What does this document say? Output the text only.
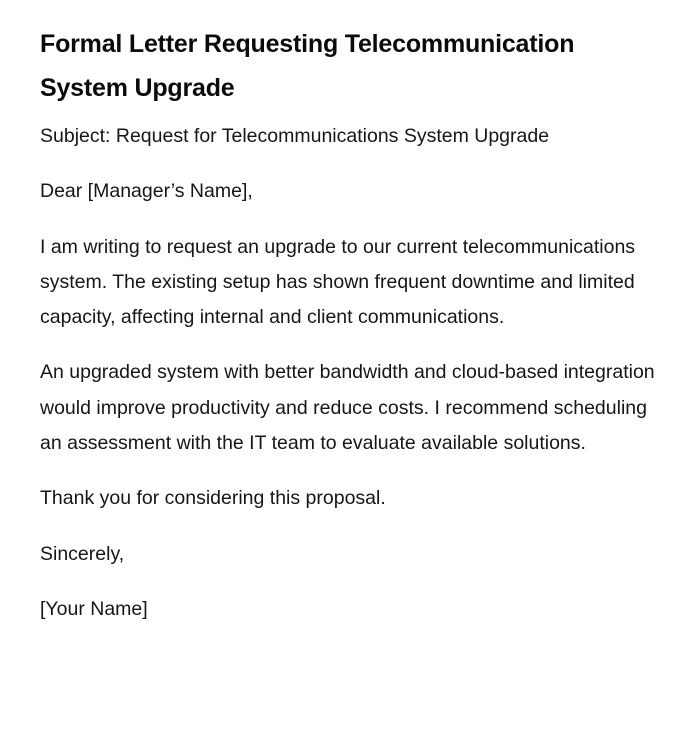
Formal Letter Requesting Telecommunication System Upgrade

Subject: Request for Telecommunications System Upgrade

Dear [Manager’s Name],

I am writing to request an upgrade to our current telecommunications system. The existing setup has shown frequent downtime and limited capacity, affecting internal and client communications.

An upgraded system with better bandwidth and cloud-based integration would improve productivity and reduce costs. I recommend scheduling an assessment with the IT team to evaluate available solutions.

Thank you for considering this proposal.

Sincerely,

[Your Name]
